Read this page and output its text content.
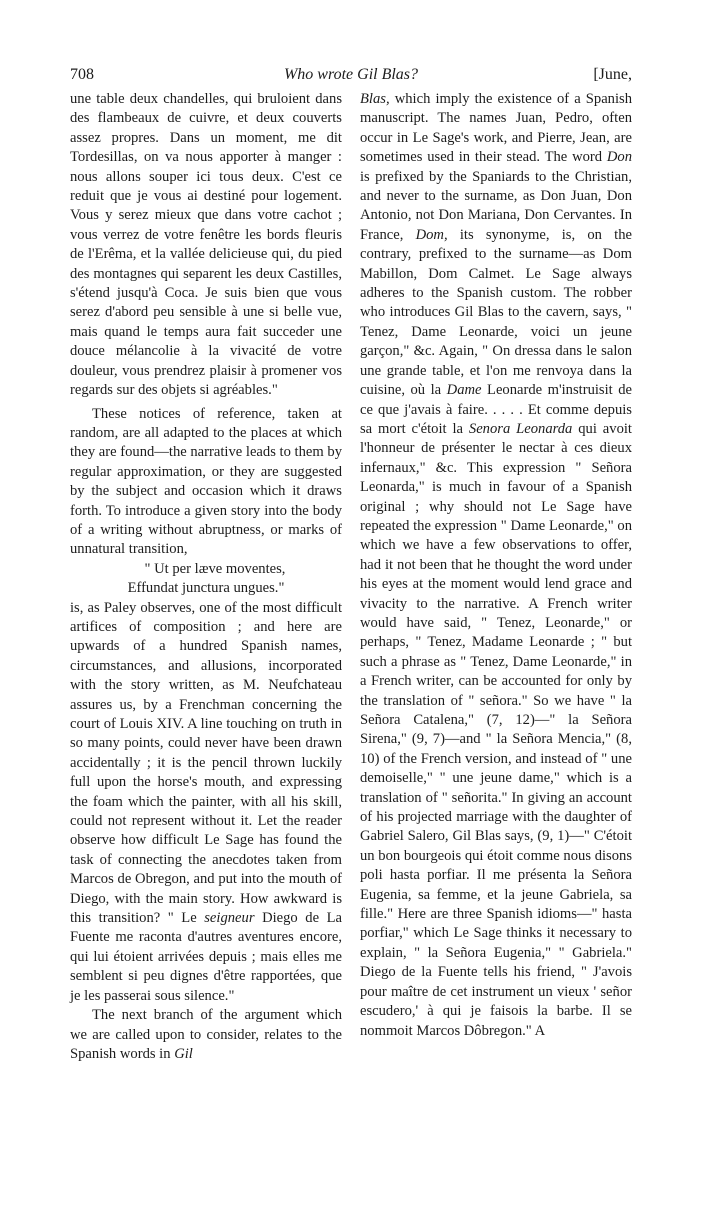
708	Who wrote Gil Blas?	[June,

une table deux chandelles, qui bruloient dans des flambeaux de cuivre, et deux couverts assez propres. Dans un moment, me dit Tordesillas, on va nous apporter à manger : nous allons souper ici tous deux. C'est ce reduit que je vous ai destiné pour logement. Vous y serez mieux que dans votre cachot ; vous verrez de votre fenêtre les bords fleuris de l'Erêma, et la vallée delicieuse qui, du pied des montagnes qui separent les deux Castilles, s'étend jusqu'à Coca. Je suis bien que vous serez d'abord peu sensible à une si belle vue, mais quand le temps aura fait succeder une douce mélancolie à la vivacité de votre douleur, vous prendrez plaisir à promener vos regards sur des objets si agréables."

These notices of reference, taken at random, are all adapted to the places at which they are found—the narrative leads to them by regular approximation, or they are suggested by the subject and occasion which it draws forth. To introduce a given story into the body of a writing without abruptness, or marks of unnatural transition,

" Ut per læve moventes,

Effundat junctura ungues."

is, as Paley observes, one of the most difficult artifices of composition ; and here are upwards of a hundred Spanish names, circumstances, and allusions, incorporated with the story written, as M. Neufchateau assures us, by a Frenchman concerning the court of Louis XIV. A line touching on truth in so many points, could never have been drawn accidentally ; it is the pencil thrown luckily full upon the horse's mouth, and expressing the foam which the painter, with all his skill, could not represent without it. Let the reader observe how difficult Le Sage has found the task of connecting the anecdotes taken from Marcos de Obregon, and put into the mouth of Diego, with the main story. How awkward is this transition? " Le seigneur Diego de La Fuente me raconta d'autres aventures encore, qui lui étoient arrivées depuis ; mais elles me semblent si peu dignes d'être rapportées, que je les passerai sous silence."

The next branch of the argument which we are called upon to consider, relates to the Spanish words in Gil

Blas, which imply the existence of a Spanish manuscript. The names Juan, Pedro, often occur in Le Sage's work, and Pierre, Jean, are sometimes used in their stead. The word Don is prefixed by the Spaniards to the Christian, and never to the surname, as Don Juan, Don Antonio, not Don Mariana, Don Cervantes. In France, Dom, its synonyme, is, on the contrary, prefixed to the surname—as Dom Mabillon, Dom Calmet. Le Sage always adheres to the Spanish custom. The robber who introduces Gil Blas to the cavern, says, " Tenez, Dame Leonarde, voici un jeune garçon," &c. Again, " On dressa dans le salon une grande table, et l'on me renvoya dans la cuisine, où la Dame Leonarde m'instruisit de ce que j'avais à faire. . . . . Et comme depuis sa mort c'étoit la Senora Leonarda qui avoit l'honneur de présenter le nectar à ces dieux infernaux," &c. This expression " Señora Leonarda," is much in favour of a Spanish original ; why should not Le Sage have repeated the expression " Dame Leonarde," on which we have a few observations to offer, had it not been that he thought the word under his eyes at the moment would lend grace and vivacity to the narrative. A French writer would have said, " Tenez, Leonarde," or perhaps, " Tenez, Madame Leonarde ; " but such a phrase as " Tenez, Dame Leonarde," in a French writer, can be accounted for only by the translation of " señora." So we have " la Señora Catalena," (7, 12)—" la Señora Sirena," (9, 7)—and " la Señora Mencia," (8, 10) of the French version, and instead of " une demoiselle," " une jeune dame," which is a translation of " señorita." In giving an account of his projected marriage with the daughter of Gabriel Salero, Gil Blas says, (9, 1)—" C'étoit un bon bourgeois qui étoit comme nous disons poli hasta porfiar. Il me présenta la Señora Eugenia, sa femme, et la jeune Gabriela, sa fille." Here are three Spanish idioms—" hasta porfiar," which Le Sage thinks it necessary to explain, " la Señora Eugenia," " Gabriela." Diego de la Fuente tells his friend, " J'avois pour maître de cet instrument un vieux ' señor escudero,' à qui je faisois la barbe. Il se nommoit Marcos Dôbregon." A
